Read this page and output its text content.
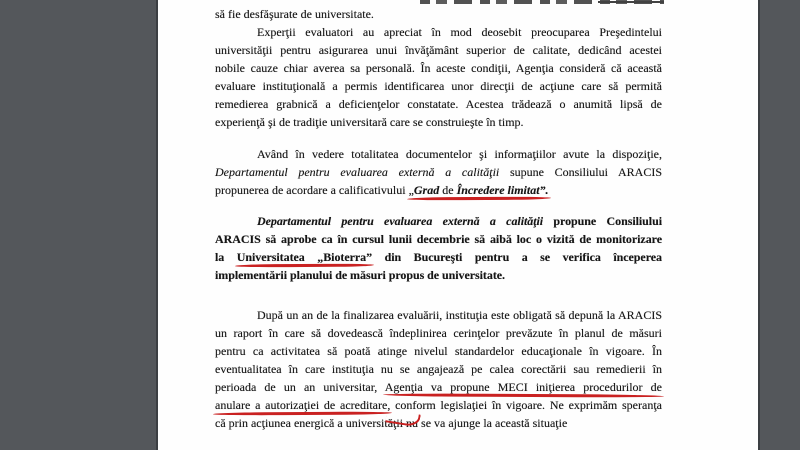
să fie desfăşurate de universitate.
Experţii evaluatori au apreciat în mod deosebit preocuparea Preşedintelui
universităţii pentru asigurarea unui învăţământ superior de calitate, dedicând acestei
nobile cauze chiar averea sa personală. În aceste condiţii, Agenţia consideră că această
evaluare instituţională a permis identificarea unor direcţii de acţiune care să permită
remedierea grabnică a deficienţelor constatate. Acestea trădează o anumită lipsă de
experienţă şi de tradiţie universitară care se construieşte în timp.
Având în vedere totalitatea documentelor şi informaţiilor avute la dispoziţie,
Departamentul pentru evaluarea externă a calităţii supune Consiliului ARACIS
propunerea de acordare a calificativului „Grad de Încredere limitat”.
Departamentul pentru evaluarea externă a calităţii propune Consiliului
ARACIS să aprobe ca în cursul lunii decembrie să aibă loc o vizită de monitorizare
la Universitatea „Bioterra” din Bucureşti pentru a se verifica începerea
implementării planului de măsuri propus de universitate.
După un an de la finalizarea evaluării, instituţia este obligată să depună la ARACIS
un raport în care să dovedească îndeplinirea cerinţelor prevăzute în planul de măsuri
pentru ca activitatea să poată atinge nivelul standardelor educaţionale în vigoare. În
eventualitatea în care instituţia nu se angajează pe calea corectării sau remedierii în
perioada de un an universitar, Agenţia va propune MECI iniţierea procedurilor de
anulare a autorizaţiei de acreditare, conform legislaţiei în vigoare. Ne exprimăm speranţa
că prin acţiunea energică a universităţii nu se va ajunge la această situaţie
